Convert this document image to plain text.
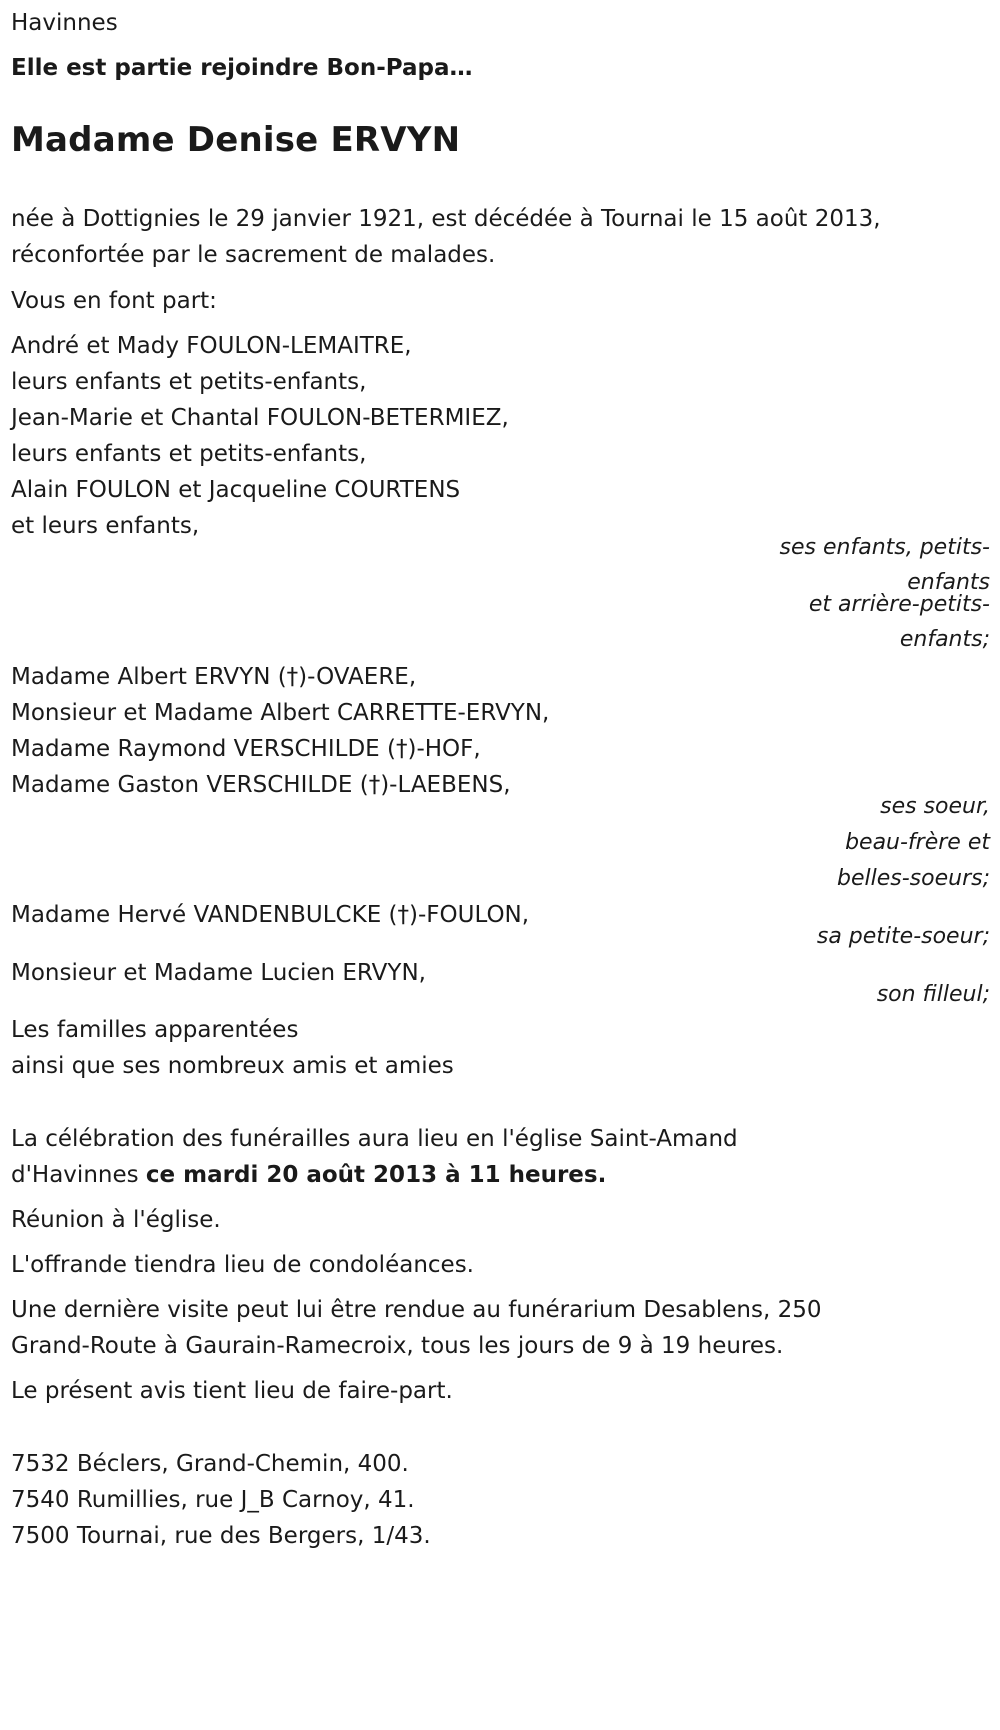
Havinnes

Elle est partie rejoindre Bon-Papa…

Madame Denise ERVYN

née à Dottignies le 29 janvier 1921, est décédée à Tournai le 15 août 2013,

réconfortée par le sacrement de malades.

Vous en font part:

André et Mady FOULON-LEMAITRE,

leurs enfants et petits-enfants,

Jean-Marie et Chantal FOULON-BETERMIEZ,

leurs enfants et petits-enfants,

Alain FOULON et Jacqueline COURTENS

et leurs enfants,

ses enfants, petits-

enfants

et arrière-petits-

enfants;

Madame Albert ERVYN (†)-OVAERE,

Monsieur et Madame Albert CARRETTE-ERVYN,

Madame Raymond VERSCHILDE (†)-HOF,

Madame Gaston VERSCHILDE (†)-LAEBENS,

ses soeur,

beau-frère et

belles-soeurs;

Madame Hervé VANDENBULCKE (†)-FOULON,

sa petite-soeur;

Monsieur et Madame Lucien ERVYN,

son filleul;

Les familles apparentées

ainsi que ses nombreux amis et amies

La célébration des funérailles aura lieu en l'église Saint-Amand

d'Havinnes ce mardi 20 août 2013 à 11 heures.

Réunion à l'église.

L'offrande tiendra lieu de condoléances.

Une dernière visite peut lui être rendue au funérarium Desablens, 250

Grand-Route à Gaurain-Ramecroix, tous les jours de 9 à 19 heures.

Le présent avis tient lieu de faire-part.

7532 Béclers, Grand-Chemin, 400.

7540 Rumillies, rue J_B Carnoy, 41.

7500 Tournai, rue des Bergers, 1/43.
